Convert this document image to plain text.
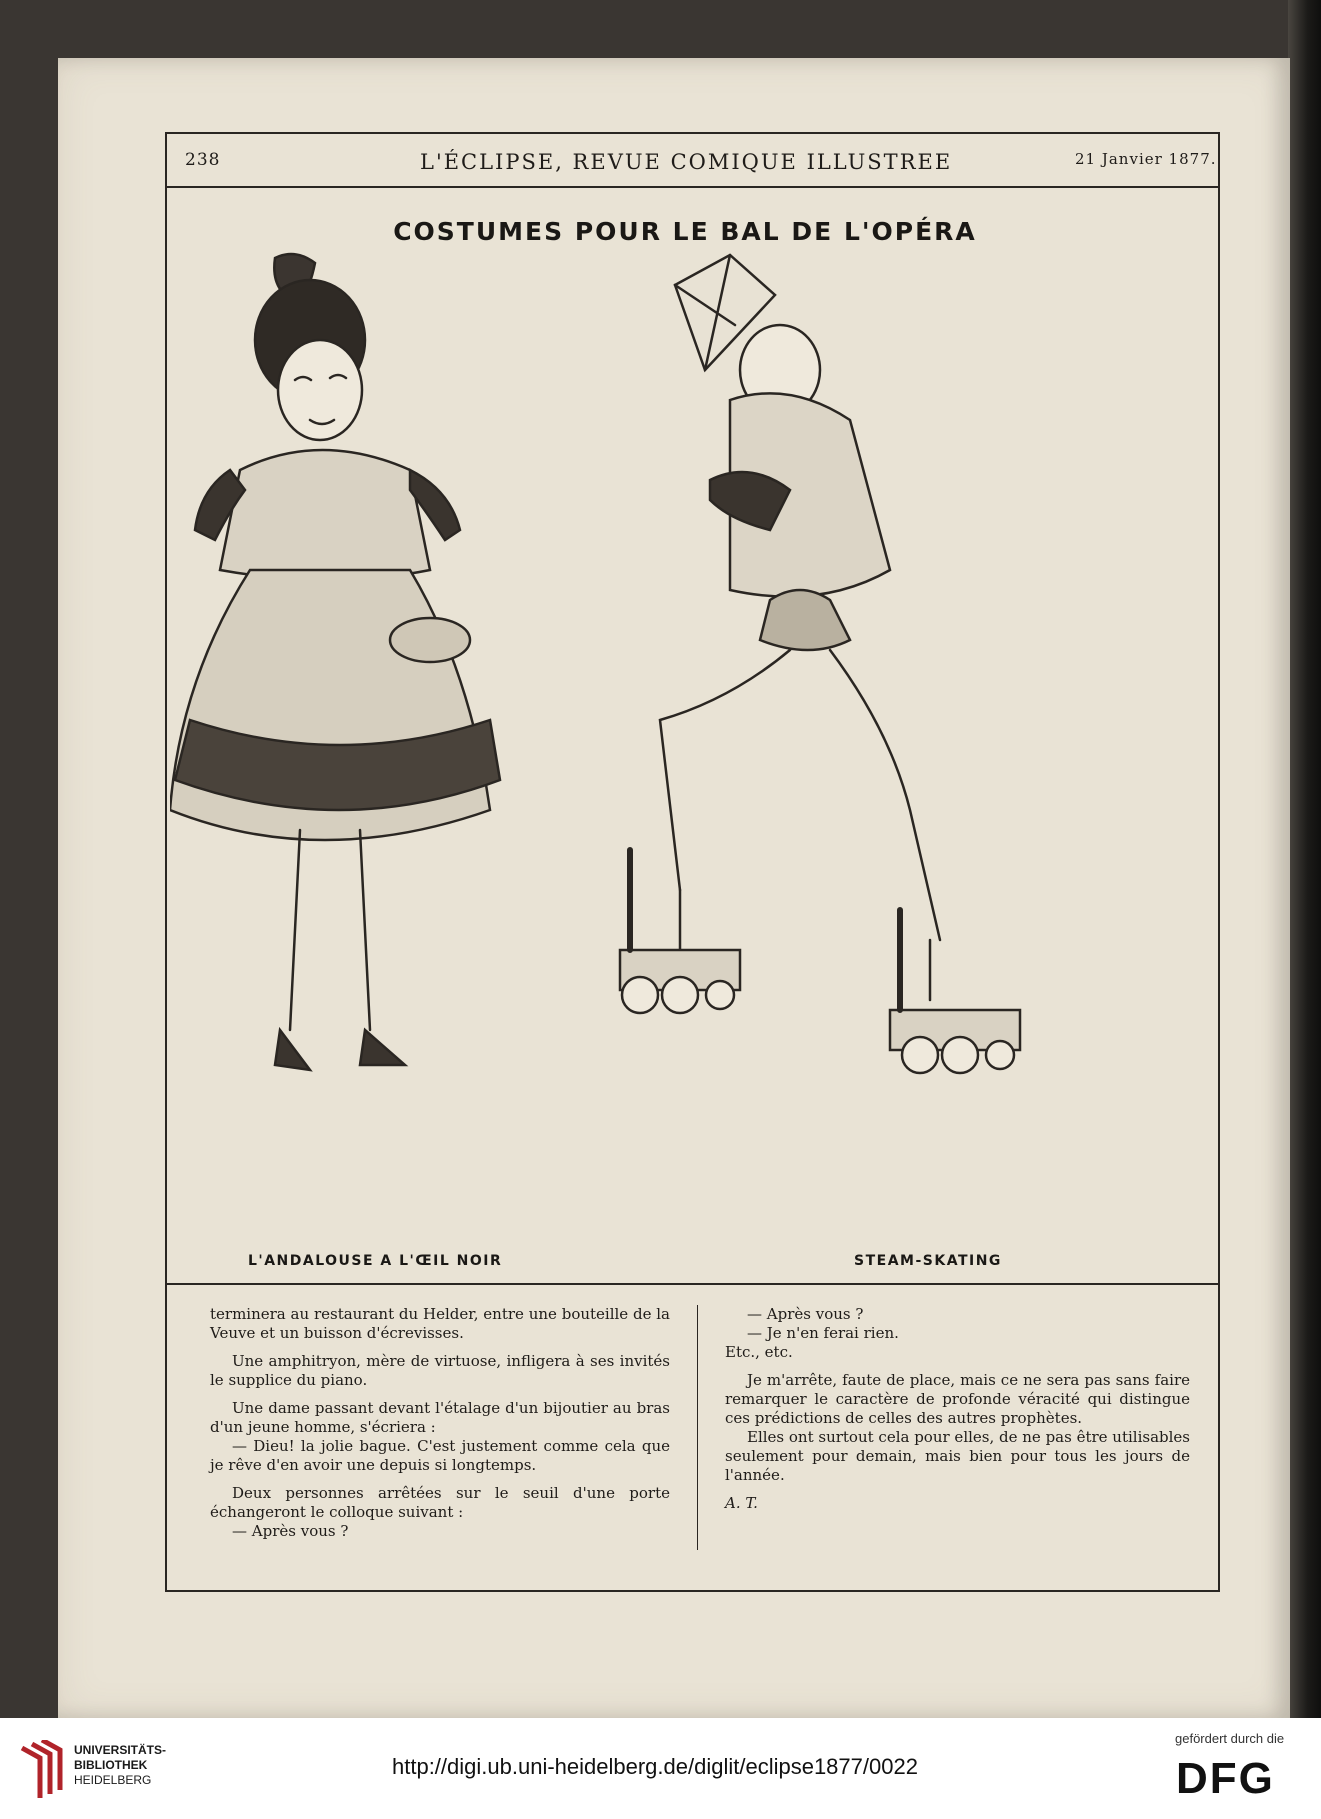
238	L'ÉCLIPSE, REVUE COMIQUE ILLUSTREE	21 Janvier 1877.
COSTUMES POUR LE BAL DE L'OPÉRA
L'ANDALOUSE A L'ŒIL NOIR	STEAM-SKATING

terminera au restaurant du Helder, entre une bouteille de la Veuve et un buisson d'écrevisses.

Une amphitryon, mère de virtuose, infligera à ses invités le supplice du piano.

Une dame passant devant l'étalage d'un bijoutier au bras d'un jeune homme, s'écriera :

— Dieu! la jolie bague. C'est justement comme cela que je rêve d'en avoir une depuis si longtemps.

Deux personnes arrêtées sur le seuil d'une porte échangeront le colloque suivant :

— Après vous ?

— Après vous ?

— Je n'en ferai rien.

Etc., etc.

Je m'arrête, faute de place, mais ce ne sera pas sans faire remarquer le caractère de profonde véracité qui distingue ces prédictions de celles des autres prophètes.

Elles ont surtout cela pour elles, de ne pas être utilisables seulement pour demain, mais bien pour tous les jours de l'année.

A. T.

UNIVERSITÄTS-
BIBLIOTHEK
HEIDELBERG
http://digi.ub.uni-heidelberg.de/diglit/eclipse1877/0022
gefördert durch die
DFG
